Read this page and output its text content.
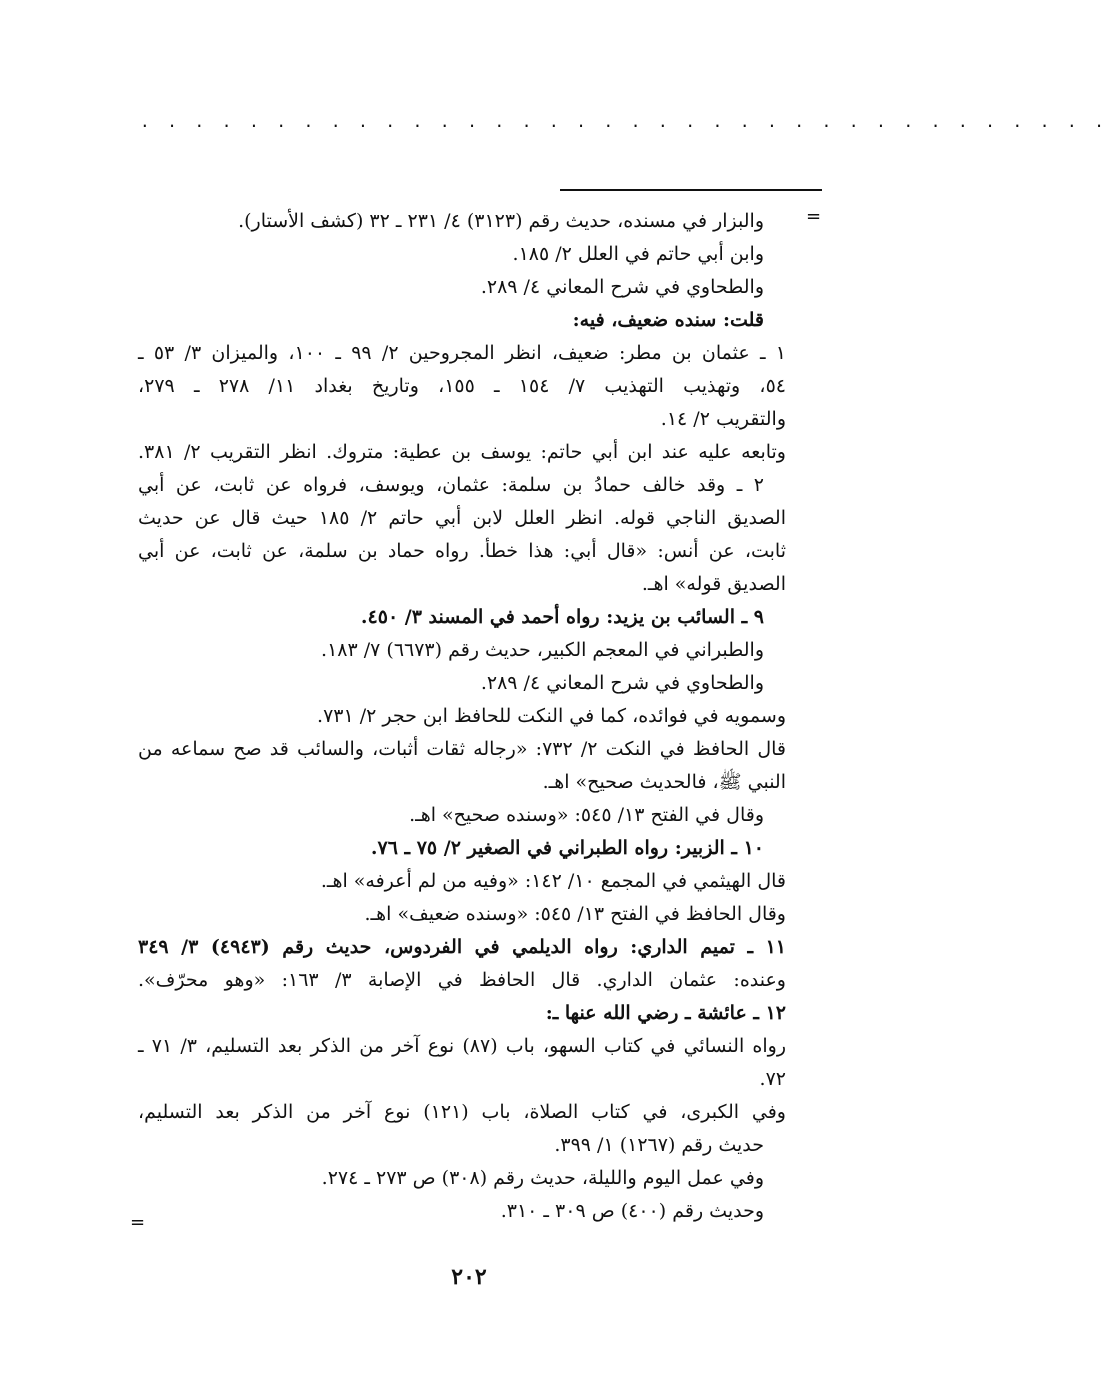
. . . . . . . . . . . . . . . . . . . . . . . . . . . . . . . . . . . .
=
والبزار في مسنده، حديث رقم (٣١٢٣) ٤/ ٢٣١ ـ ٣٢ (كشف الأستار).
وابن أبي حاتم في العلل ٢/ ١٨٥.
والطحاوي في شرح المعاني ٤/ ٢٨٩.
قلت: سنده ضعيف، فيه:
١ ـ عثمان بن مطر: ضعيف، انظر المجروحين ٢/ ٩٩ ـ ١٠٠، والميزان ٣/ ٥٣ ـ
٥٤، وتهذيب التهذيب ٧/ ١٥٤ ـ ١٥٥، وتاريخ بغداد ١١/ ٢٧٨ ـ ٢٧٩،
والتقريب ٢/ ١٤.
وتابعه عليه عند ابن أبي حاتم: يوسف بن عطية: متروك. انظر التقريب ٢/ ٣٨١.
٢ ـ وقد خالف حمادُ بن سلمة: عثمان، ويوسف، فرواه عن ثابت، عن أبي
الصديق الناجي قوله. انظر العلل لابن أبي حاتم ٢/ ١٨٥ حيث قال عن حديث
ثابت، عن أنس: «قال أبي: هذا خطأ. رواه حماد بن سلمة، عن ثابت، عن أبي
الصديق قوله» اهـ.
٩ ـ السائب بن يزيد: رواه أحمد في المسند ٣/ ٤٥٠.
والطبراني في المعجم الكبير، حديث رقم (٦٦٧٣) ٧/ ١٨٣.
والطحاوي في شرح المعاني ٤/ ٢٨٩.
وسمويه في فوائده، كما في النكت للحافظ ابن حجر ٢/ ٧٣١.
قال الحافظ في النكت ٢/ ٧٣٢: «رجاله ثقات أثبات، والسائب قد صح سماعه من
النبي ﷺ، فالحديث صحيح» اهـ.
وقال في الفتح ١٣/ ٥٤٥: «وسنده صحيح» اهـ.
١٠ ـ الزبير: رواه الطبراني في الصغير ٢/ ٧٥ ـ ٧٦.
قال الهيثمي في المجمع ١٠/ ١٤٢: «وفيه من لم أعرفه» اهـ.
وقال الحافظ في الفتح ١٣/ ٥٤٥: «وسنده ضعيف» اهـ.
١١ ـ تميم الداري: رواه الديلمي في الفردوس، حديث رقم (٤٩٤٣) ٣/ ٣٤٩
وعنده: عثمان الداري. قال الحافظ في الإصابة ٣/ ١٦٣: «وهو محرّف».
١٢ ـ عائشة ـ رضي الله عنها ـ:
رواه النسائي في كتاب السهو، باب (٨٧) نوع آخر من الذكر بعد التسليم، ٣/ ٧١ ـ
٧٢.
وفي الكبرى، في كتاب الصلاة، باب (١٢١) نوع آخر من الذكر بعد التسليم،
حديث رقم (١٢٦٧) ١/ ٣٩٩.
وفي عمل اليوم والليلة، حديث رقم (٣٠٨) ص ٢٧٣ ـ ٢٧٤.
وحديث رقم (٤٠٠) ص ٣٠٩ ـ ٣١٠.
=
٢٠٢
